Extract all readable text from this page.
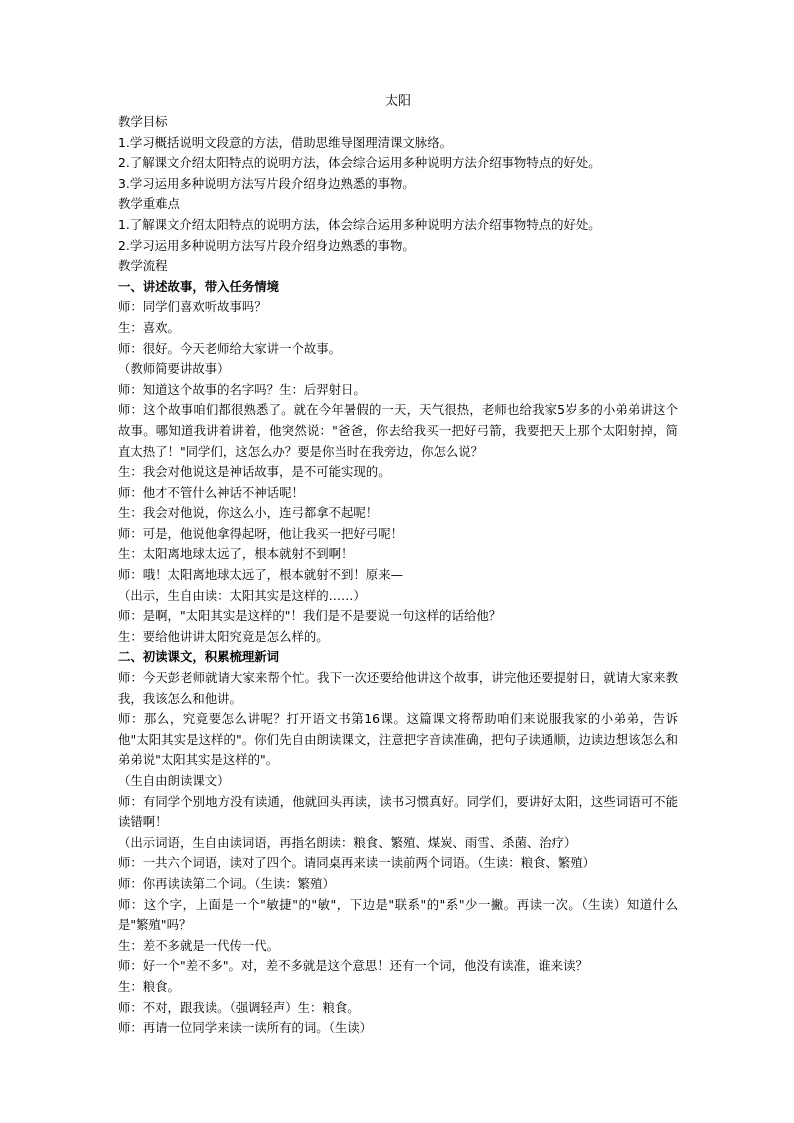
太阳
教学目标
1.学习概括说明文段意的方法，借助思维导图理清课文脉络。
2.了解课文介绍太阳特点的说明方法，体会综合运用多种说明方法介绍事物特点的好处。
3.学习运用多种说明方法写片段介绍身边熟悉的事物。
教学重难点
1.了解课文介绍太阳特点的说明方法，体会综合运用多种说明方法介绍事物特点的好处。
2.学习运用多种说明方法写片段介绍身边熟悉的事物。
教学流程
一、讲述故事，带入任务情境
师：同学们喜欢听故事吗？
生：喜欢。
师：很好。今天老师给大家讲一个故事。
（教师简要讲故事）
师：知道这个故事的名字吗？生：后羿射日。
师：这个故事咱们都很熟悉了。就在今年暑假的一天，天气很热，老师也给我家5岁多的小弟弟讲这个故事。哪知道我讲着讲着，他突然说："爸爸，你去给我买一把好弓箭，我要把天上那个太阳射掉，简直太热了！"同学们，这怎么办？要是你当时在我旁边，你怎么说？
生：我会对他说这是神话故事，是不可能实现的。
师：他才不管什么神话不神话呢！
生：我会对他说，你这么小，连弓都拿不起呢！
师：可是，他说他拿得起呀，他让我买一把好弓呢！
生：太阳离地球太远了，根本就射不到啊！
师：哦！太阳离地球太远了，根本就射不到！原来—
（出示，生自由读：太阳其实是这样的……）
师：是啊，"太阳其实是这样的"！我们是不是要说一句这样的话给他？
生：要给他讲讲太阳究竟是怎么样的。
二、初读课文，积累梳理新词
师：今天彭老师就请大家来帮个忙。我下一次还要给他讲这个故事，讲完他还要提射日，就请大家来教我，我该怎么和他讲。
师：那么，究竟要怎么讲呢？打开语文书第16课。这篇课文将帮助咱们来说服我家的小弟弟，告诉他"太阳其实是这样的"。你们先自由朗读课文，注意把字音读准确，把句子读通顺，边读边想该怎么和弟弟说"太阳其实是这样的"。
（生自由朗读课文）
师：有同学个别地方没有读通，他就回头再读，读书习惯真好。同学们，要讲好太阳，这些词语可不能读错啊！
（出示词语，生自由读词语，再指名朗读：粮食、繁殖、煤炭、雨雪、杀菌、治疗）
师：一共六个词语，读对了四个。请同桌再来读一读前两个词语。（生读：粮食、繁殖）
师：你再读读第二个词。（生读：繁殖）
师：这个字，上面是一个"敏捷"的"敏"，下边是"联系"的"系"少一撇。再读一次。（生读）知道什么是"繁殖"吗？
生：差不多就是一代传一代。
师：好一个"差不多"。对，差不多就是这个意思！还有一个词，他没有读准，谁来读？
生：粮食。
师：不对，跟我读。（强调轻声）生：粮食。
师：再请一位同学来读一读所有的词。（生读）
